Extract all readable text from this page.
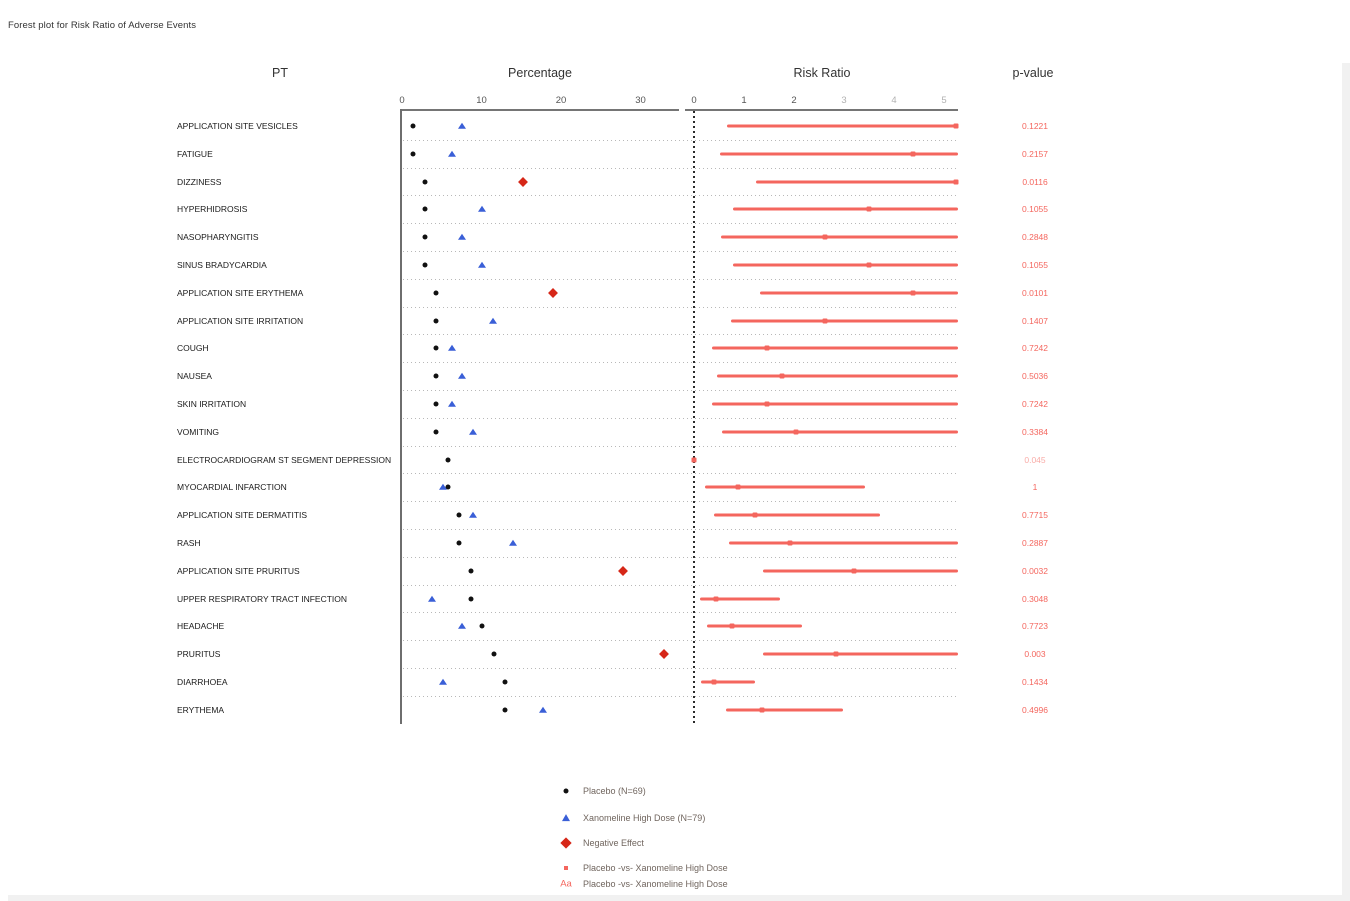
Forest plot for Risk Ratio of Adverse Events
PT	Percentage	Risk Ratio	p-value
0	10	20	30	0	1	2	3	4	5
APPLICATION SITE VESICLES	0.1221
FATIGUE	0.2157
DIZZINESS	0.0116
HYPERHIDROSIS	0.1055
NASOPHARYNGITIS	0.2848
SINUS BRADYCARDIA	0.1055
APPLICATION SITE ERYTHEMA	0.0101
APPLICATION SITE IRRITATION	0.1407
COUGH	0.7242
NAUSEA	0.5036
SKIN IRRITATION	0.7242
VOMITING	0.3384
ELECTROCARDIOGRAM ST SEGMENT DEPRESSION	0.045
MYOCARDIAL INFARCTION	1
APPLICATION SITE DERMATITIS	0.7715
RASH	0.2887
APPLICATION SITE PRURITUS	0.0032
UPPER RESPIRATORY TRACT INFECTION	0.3048
HEADACHE	0.7723
PRURITUS	0.003
DIARRHOEA	0.1434
ERYTHEMA	0.4996
Placebo (N=69)
Xanomeline High Dose (N=79)
Negative Effect
Placebo -vs- Xanomeline High Dose
Aa Placebo -vs- Xanomeline High Dose
